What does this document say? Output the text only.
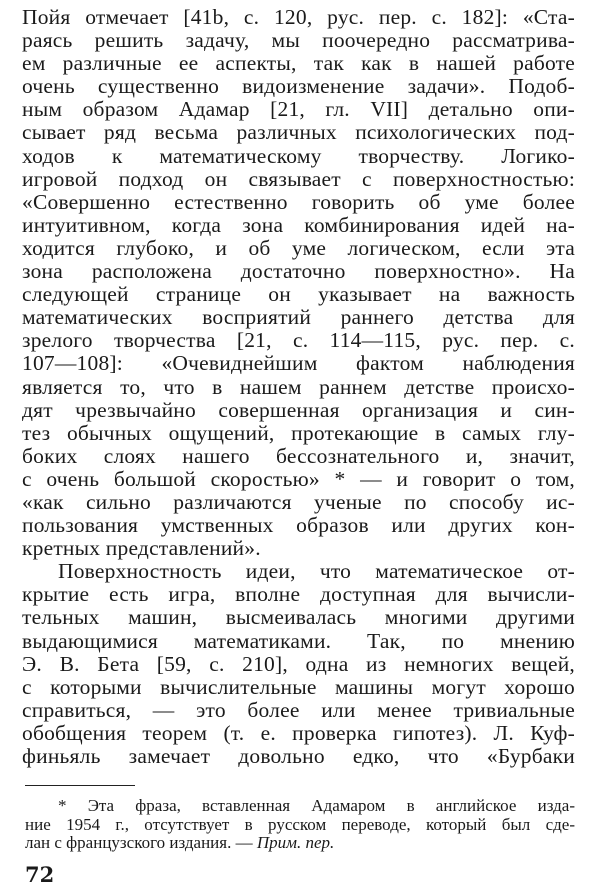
Пойя отмечает [41b, с. 120, рус. пер. с. 182]: «Ста-
раясь решить задачу, мы поочередно рассматрива-
ем различные ее аспекты, так как в нашей работе
очень существенно видоизменение задачи». Подоб-
ным образом Адамар [21, гл. VII] детально опи-
сывает ряд весьма различных психологических под-
ходов к математическому творчеству. Логико-
игровой подход он связывает с поверхностностью:
«Совершенно естественно говорить об уме более
интуитивном, когда зона комбинирования идей на-
ходится глубоко, и об уме логическом, если эта
зона расположена достаточно поверхностно». На
следующей странице он указывает на важность
математических восприятий раннего детства для
зрелого творчества [21, с. 114—115, рус. пер. с.
107—108]: «Очевиднейшим фактом наблюдения
является то, что в нашем раннем детстве происхо-
дят чрезвычайно совершенная организация и син-
тез обычных ощущений, протекающие в самых глу-
боких слоях нашего бессознательного и, значит,
с очень большой скоростью» * — и говорит о том,
«как сильно различаются ученые по способу ис-
пользования умственных образов или других кон-
кретных представлений».
Поверхностность идеи, что математическое от-
крытие есть игра, вполне доступная для вычисли-
тельных машин, высмеивалась многими другими
выдающимися математиками. Так, по мнению
Э. В. Бета [59, с. 210], одна из немногих вещей,
с которыми вычислительные машины могут хорошо
справиться, — это более или менее тривиальные
обобщения теорем (т. е. проверка гипотез). Л. Куф-
финьяль замечает довольно едко, что «Бурбаки
* Эта фраза, вставленная Адамаром в английское изда-
ние 1954 г., отсутствует в русском переводе, который был сде-
лан с французского издания. — Прим. пер.
72
